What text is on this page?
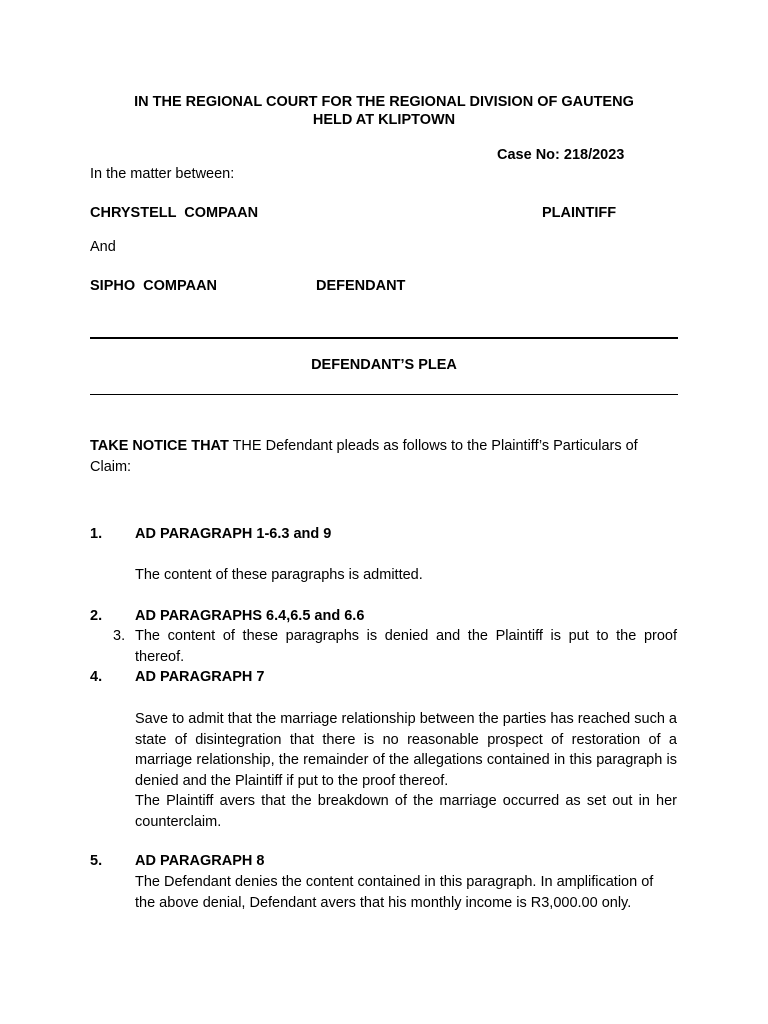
IN THE REGIONAL COURT FOR THE REGIONAL DIVISION OF GAUTENG
HELD AT KLIPTOWN
Case No: 218/2023
In the matter between:
CHRYSTELL  COMPAAN	PLAINTIFF
And
SIPHO  COMPAAN	DEFENDANT
DEFENDANT’S PLEA
TAKE NOTICE THAT THE Defendant pleads as follows to the Plaintiff’s Particulars of Claim:
1. AD PARAGRAPH 1-6.3 and 9
The content of these paragraphs is admitted.
2. AD PARAGRAPHS 6.4,6.5 and 6.6
3. The content of these paragraphs is denied and the Plaintiff is put to the proof thereof.
4. AD PARAGRAPH 7
Save to admit that the marriage relationship between the parties has reached such a state of disintegration that there is no reasonable prospect of restoration of a marriage relationship, the remainder of the allegations contained in this paragraph is denied and the Plaintiff if put to the proof thereof.
The Plaintiff avers that the breakdown of the marriage occurred as set out in her counterclaim.
5. AD PARAGRAPH 8
The Defendant denies the content contained in this paragraph. In amplification of the above denial, Defendant avers that his monthly income is R3,000.00 only.
